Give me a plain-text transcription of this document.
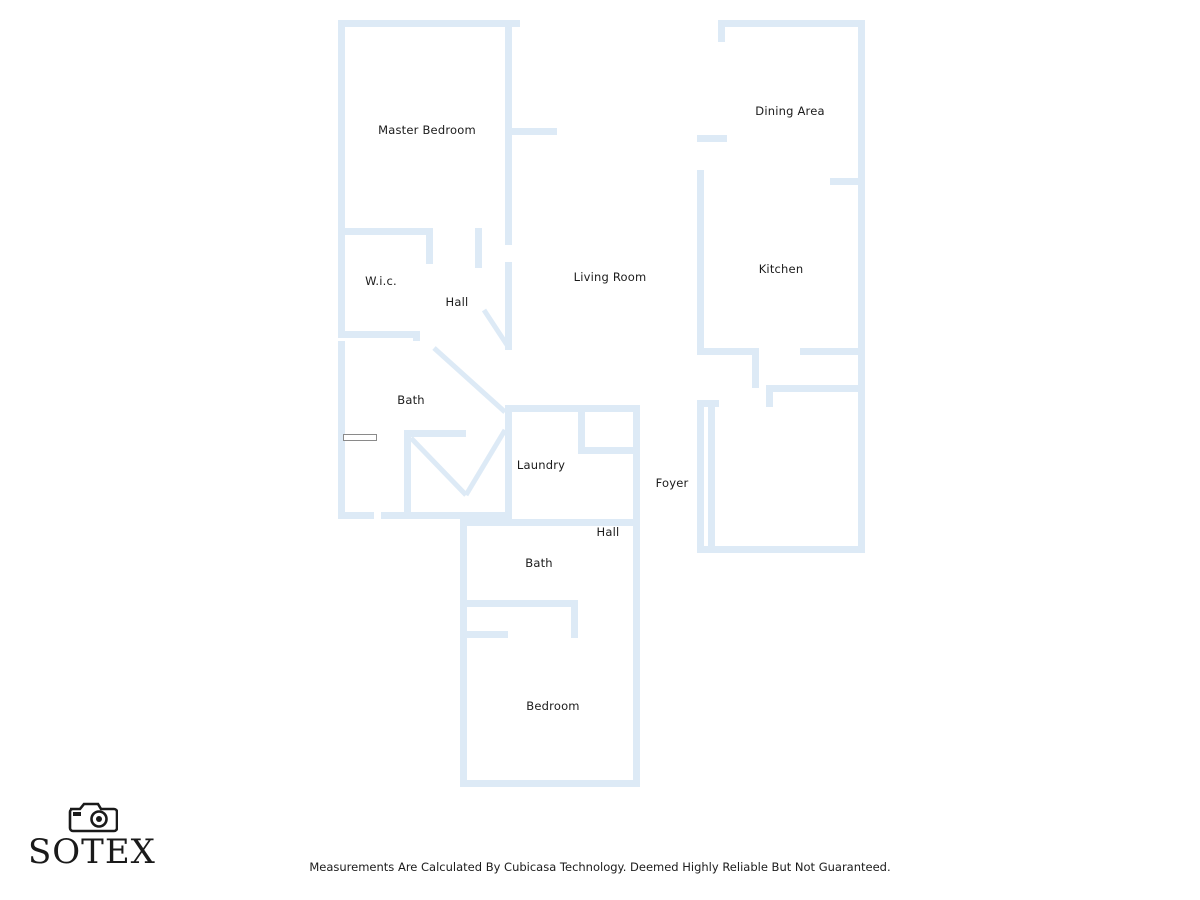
Master Bedroom
Dining Area
W.i.c.
Hall
Living Room
Kitchen
Bath
Laundry
Foyer
Hall
Bath
Bedroom
SOTEX	Measurements Are Calculated By Cubicasa Technology. Deemed Highly Reliable But Not Guaranteed.
